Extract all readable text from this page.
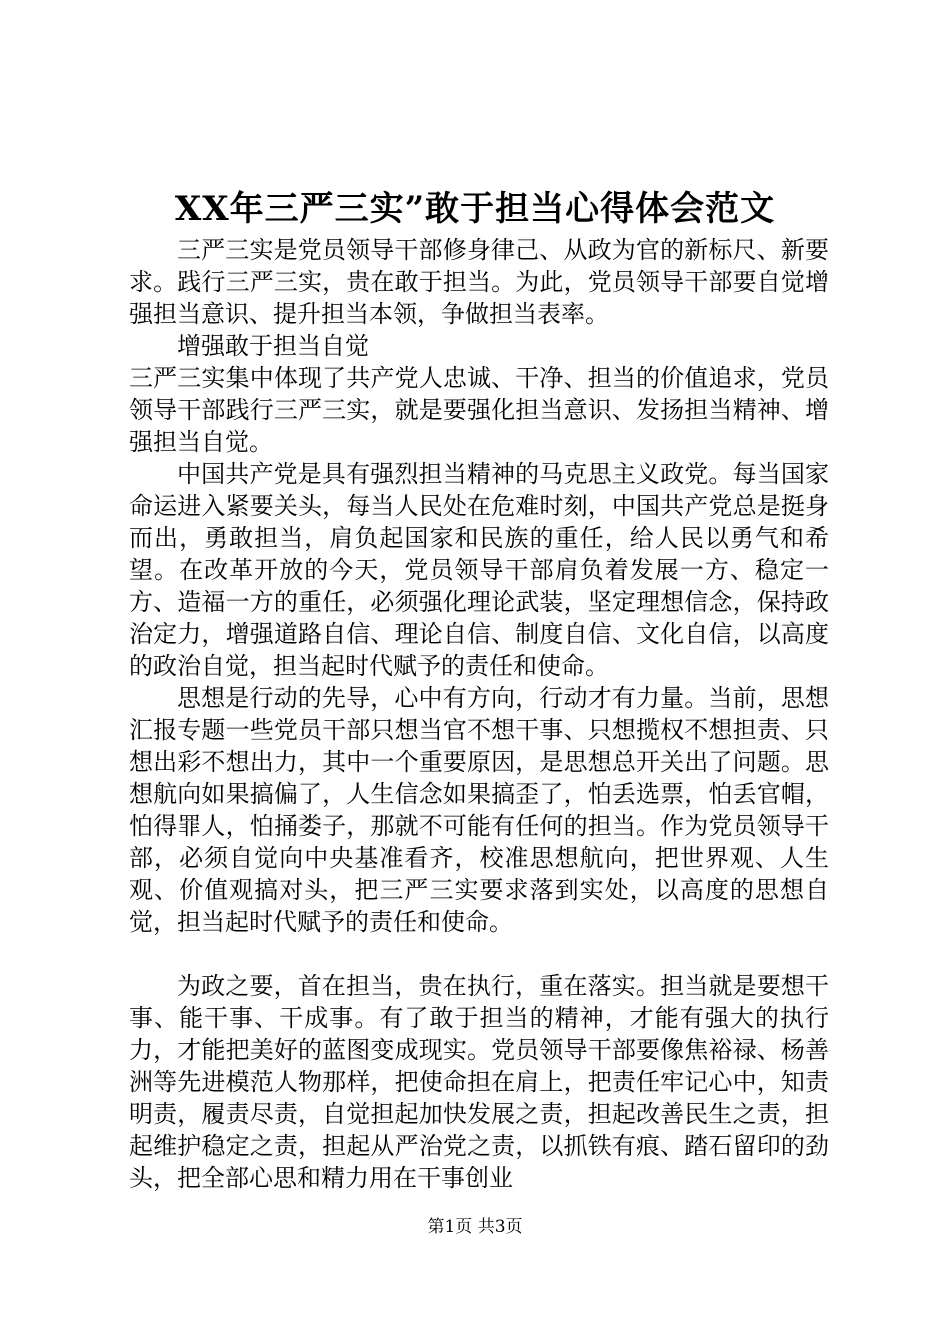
XX年三严三实”敢于担当心得体会范文

三严三实是党员领导干部修身律己、从政为官的新标尺、新要求。践行三严三实，贵在敢于担当。为此，党员领导干部要自觉增强担当意识、提升担当本领，争做担当表率。

增强敢于担当自觉

三严三实集中体现了共产党人忠诚、干净、担当的价值追求，党员领导干部践行三严三实，就是要强化担当意识、发扬担当精神、增强担当自觉。

中国共产党是具有强烈担当精神的马克思主义政党。每当国家命运进入紧要关头，每当人民处在危难时刻，中国共产党总是挺身而出，勇敢担当，肩负起国家和民族的重任，给人民以勇气和希望。在改革开放的今天，党员领导干部肩负着发展一方、稳定一方、造福一方的重任，必须强化理论武装，坚定理想信念，保持政治定力，增强道路自信、理论自信、制度自信、文化自信，以高度的政治自觉，担当起时代赋予的责任和使命。

思想是行动的先导，心中有方向，行动才有力量。当前，思想汇报专题一些党员干部只想当官不想干事、只想揽权不想担责、只想出彩不想出力，其中一个重要原因，是思想总开关出了问题。思想航向如果搞偏了，人生信念如果搞歪了，怕丢选票，怕丢官帽，怕得罪人，怕捅娄子，那就不可能有任何的担当。作为党员领导干部，必须自觉向中央基准看齐，校准思想航向，把世界观、人生观、价值观搞对头，把三严三实要求落到实处，以高度的思想自觉，担当起时代赋予的责任和使命。

为政之要，首在担当，贵在执行，重在落实。担当就是要想干事、能干事、干成事。有了敢于担当的精神，才能有强大的执行力，才能把美好的蓝图变成现实。党员领导干部要像焦裕禄、杨善洲等先进模范人物那样，把使命担在肩上，把责任牢记心中，知责明责，履责尽责，自觉担起加快发展之责，担起改善民生之责，担起维护稳定之责，担起从严治党之责，以抓铁有痕、踏石留印的劲头，把全部心思和精力用在干事创业

第1页 共3页
